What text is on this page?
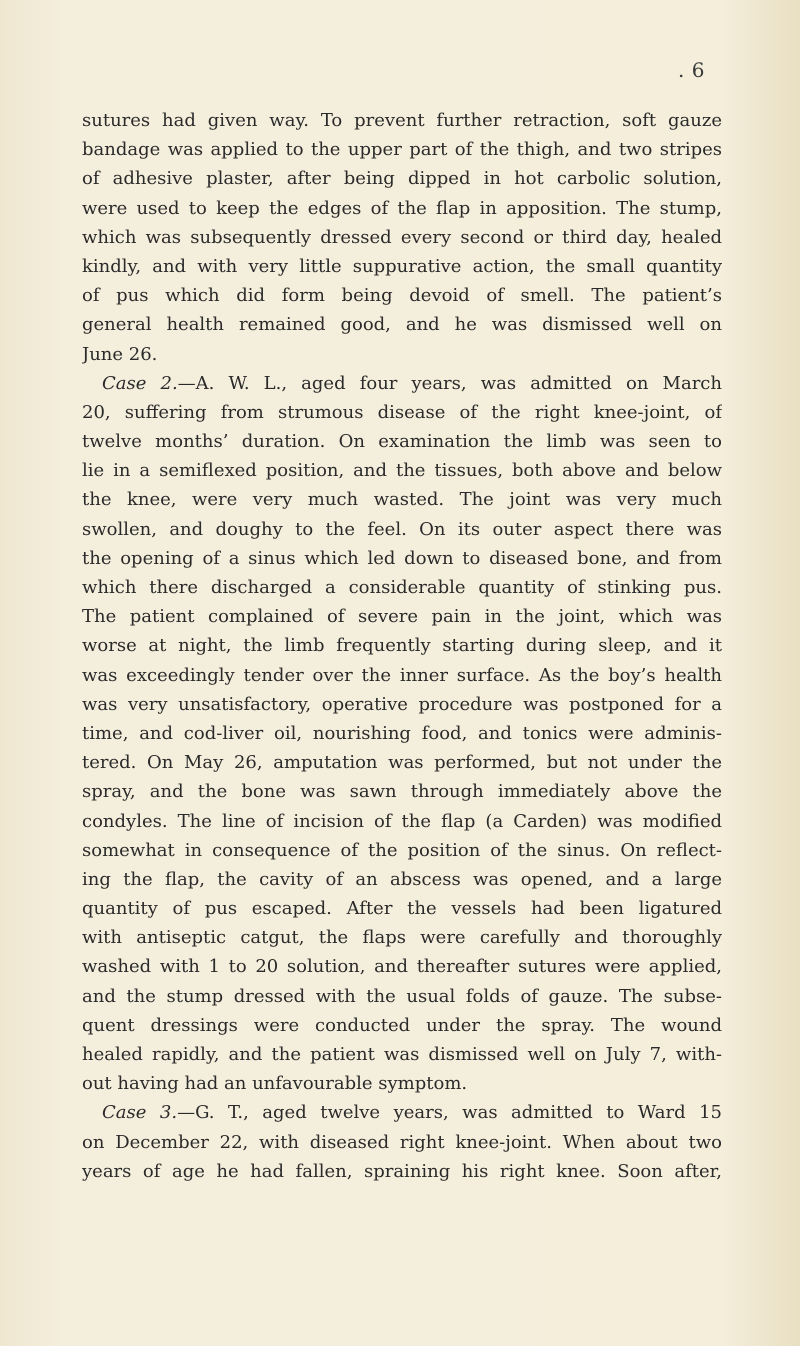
. 6
sutures had given way. To prevent further retraction, soft gauze
bandage was applied to the upper part of the thigh, and two stripes
of adhesive plaster, after being dipped in hot carbolic solution,
were used to keep the edges of the flap in apposition. The stump,
which was subsequently dressed every second or third day, healed
kindly, and with very little suppurative action, the small quantity
of pus which did form being devoid of smell. The patient’s
general health remained good, and he was dismissed well on
June 26.
Case 2.—A. W. L., aged four years, was admitted on March
20, suffering from strumous disease of the right knee-joint, of
twelve months’ duration. On examination the limb was seen to
lie in a semiflexed position, and the tissues, both above and below
the knee, were very much wasted. The joint was very much
swollen, and doughy to the feel. On its outer aspect there was
the opening of a sinus which led down to diseased bone, and from
which there discharged a considerable quantity of stinking pus.
The patient complained of severe pain in the joint, which was
worse at night, the limb frequently starting during sleep, and it
was exceedingly tender over the inner surface. As the boy’s health
was very unsatisfactory, operative procedure was postponed for a
time, and cod-liver oil, nourishing food, and tonics were adminis-
tered. On May 26, amputation was performed, but not under the
spray, and the bone was sawn through immediately above the
condyles. The line of incision of the flap (a Carden) was modified
somewhat in consequence of the position of the sinus. On reflect-
ing the flap, the cavity of an abscess was opened, and a large
quantity of pus escaped. After the vessels had been ligatured
with antiseptic catgut, the flaps were carefully and thoroughly
washed with 1 to 20 solution, and thereafter sutures were applied,
and the stump dressed with the usual folds of gauze. The subse-
quent dressings were conducted under the spray. The wound
healed rapidly, and the patient was dismissed well on July 7, with-
out having had an unfavourable symptom.
Case 3.—G. T., aged twelve years, was admitted to Ward 15
on December 22, with diseased right knee-joint. When about two
years of age he had fallen, spraining his right knee. Soon after,
